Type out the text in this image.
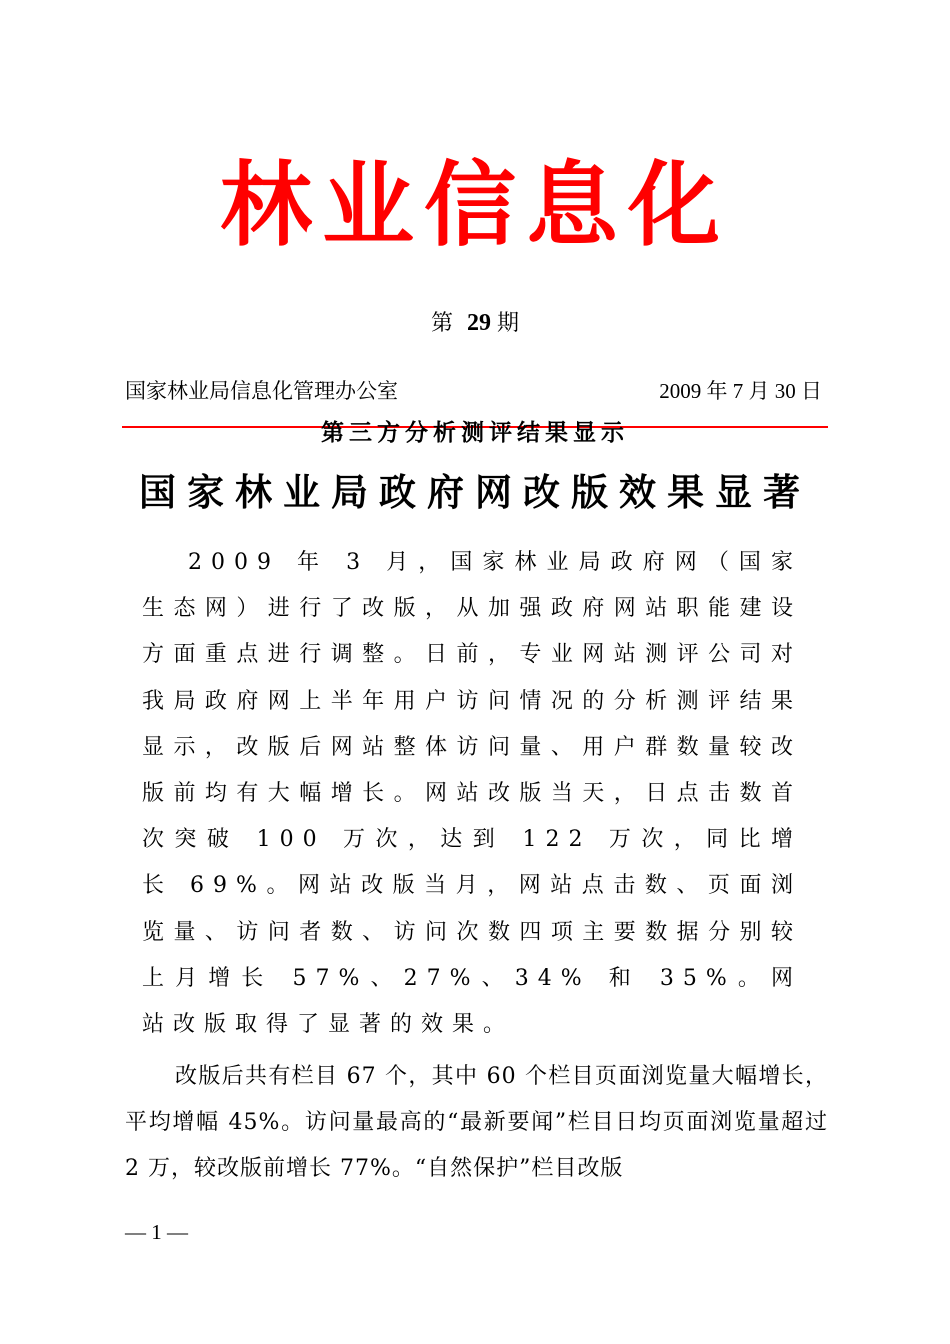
林业信息化
第 29 期
国家林业局信息化管理办公室	2009 年 7 月 30 日
第三方分析测评结果显示
国家林业局政府网改版效果显著

2009 年 3 月，国家林业局政府网（国家生态网）进行了改版，从加强政府网站职能建设方面重点进行调整。日前，专业网站测评公司对我局政府网上半年用户访问情况的分析测评结果显示，改版后网站整体访问量、用户群数量较改版前均有大幅增长。网站改版当天，日点击数首次突破 100 万次，达到 122 万次，同比增长 69%。网站改版当月，网站点击数、页面浏览量、访问者数、访问次数四项主要数据分别较上月增长 57%、27%、34% 和 35%。网站改版取得了显著的效果。

改版后共有栏目 67 个，其中 60 个栏目页面浏览量大幅增长，平均增幅 45%。访问量最高的“最新要闻”栏目日均页面浏览量超过 2 万，较改版前增长 77%。“自然保护”栏目改版

— 1 —
